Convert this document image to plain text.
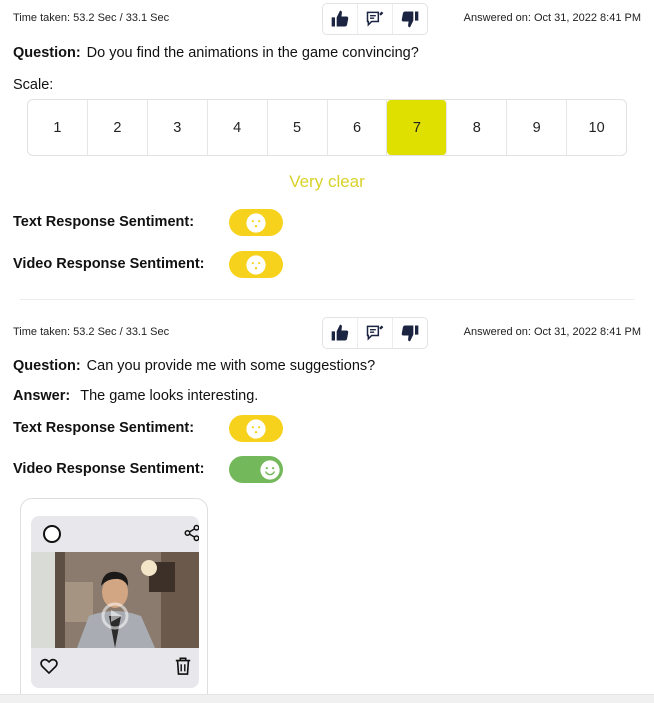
Time taken: 53.2 Sec / 33.1 Sec	Answered on: Oct 31, 2022 8:41 PM
Question: Do you find the animations in the game convincing?
Scale:
1	2	3	4	5	6	7	8	9	10
Very clear
Text Response Sentiment:
Video Response Sentiment:
Time taken: 53.2 Sec / 33.1 Sec	Answered on: Oct 31, 2022 8:41 PM
Question: Can you provide me with some suggestions?
Answer: The game looks interesting.
Text Response Sentiment:
Video Response Sentiment:
